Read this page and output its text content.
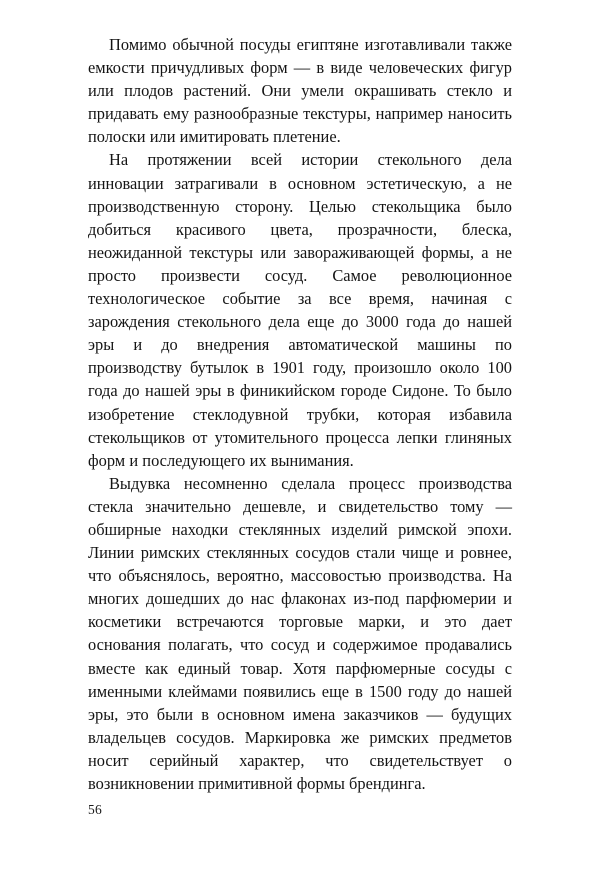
Помимо обычной посуды египтяне изготавливали также емкости причудливых форм — в виде человеческих фигур или плодов растений. Они умели окрашивать стекло и придавать ему разнообразные текстуры, например наносить полоски или имитировать плетение.

На протяжении всей истории стекольного дела инновации затрагивали в основном эстетическую, а не производственную сторону. Целью стекольщика было добиться красивого цвета, прозрачности, блеска, неожиданной текстуры или завораживающей формы, а не просто произвести сосуд. Самое революционное технологическое событие за все время, начиная с зарождения стекольного дела еще до 3000 года до нашей эры и до внедрения автоматической машины по производству бутылок в 1901 году, произошло около 100 года до нашей эры в финикийском городе Сидоне. То было изобретение стеклодувной трубки, которая избавила стекольщиков от утомительного процесса лепки глиняных форм и последующего их вынимания.

Выдувка несомненно сделала процесс производства стекла значительно дешевле, и свидетельство тому — обширные находки стеклянных изделий римской эпохи. Линии римских стеклянных сосудов стали чище и ровнее, что объяснялось, вероятно, массовостью производства. На многих дошедших до нас флаконах из-под парфюмерии и косметики встречаются торговые марки, и это дает основания полагать, что сосуд и содержимое продавались вместе как единый товар. Хотя парфюмерные сосуды с именными клеймами появились еще в 1500 году до нашей эры, это были в основном имена заказчиков — будущих владельцев сосудов. Маркировка же римских предметов носит серийный характер, что свидетельствует о возникновении примитивной формы брендинга.

56
